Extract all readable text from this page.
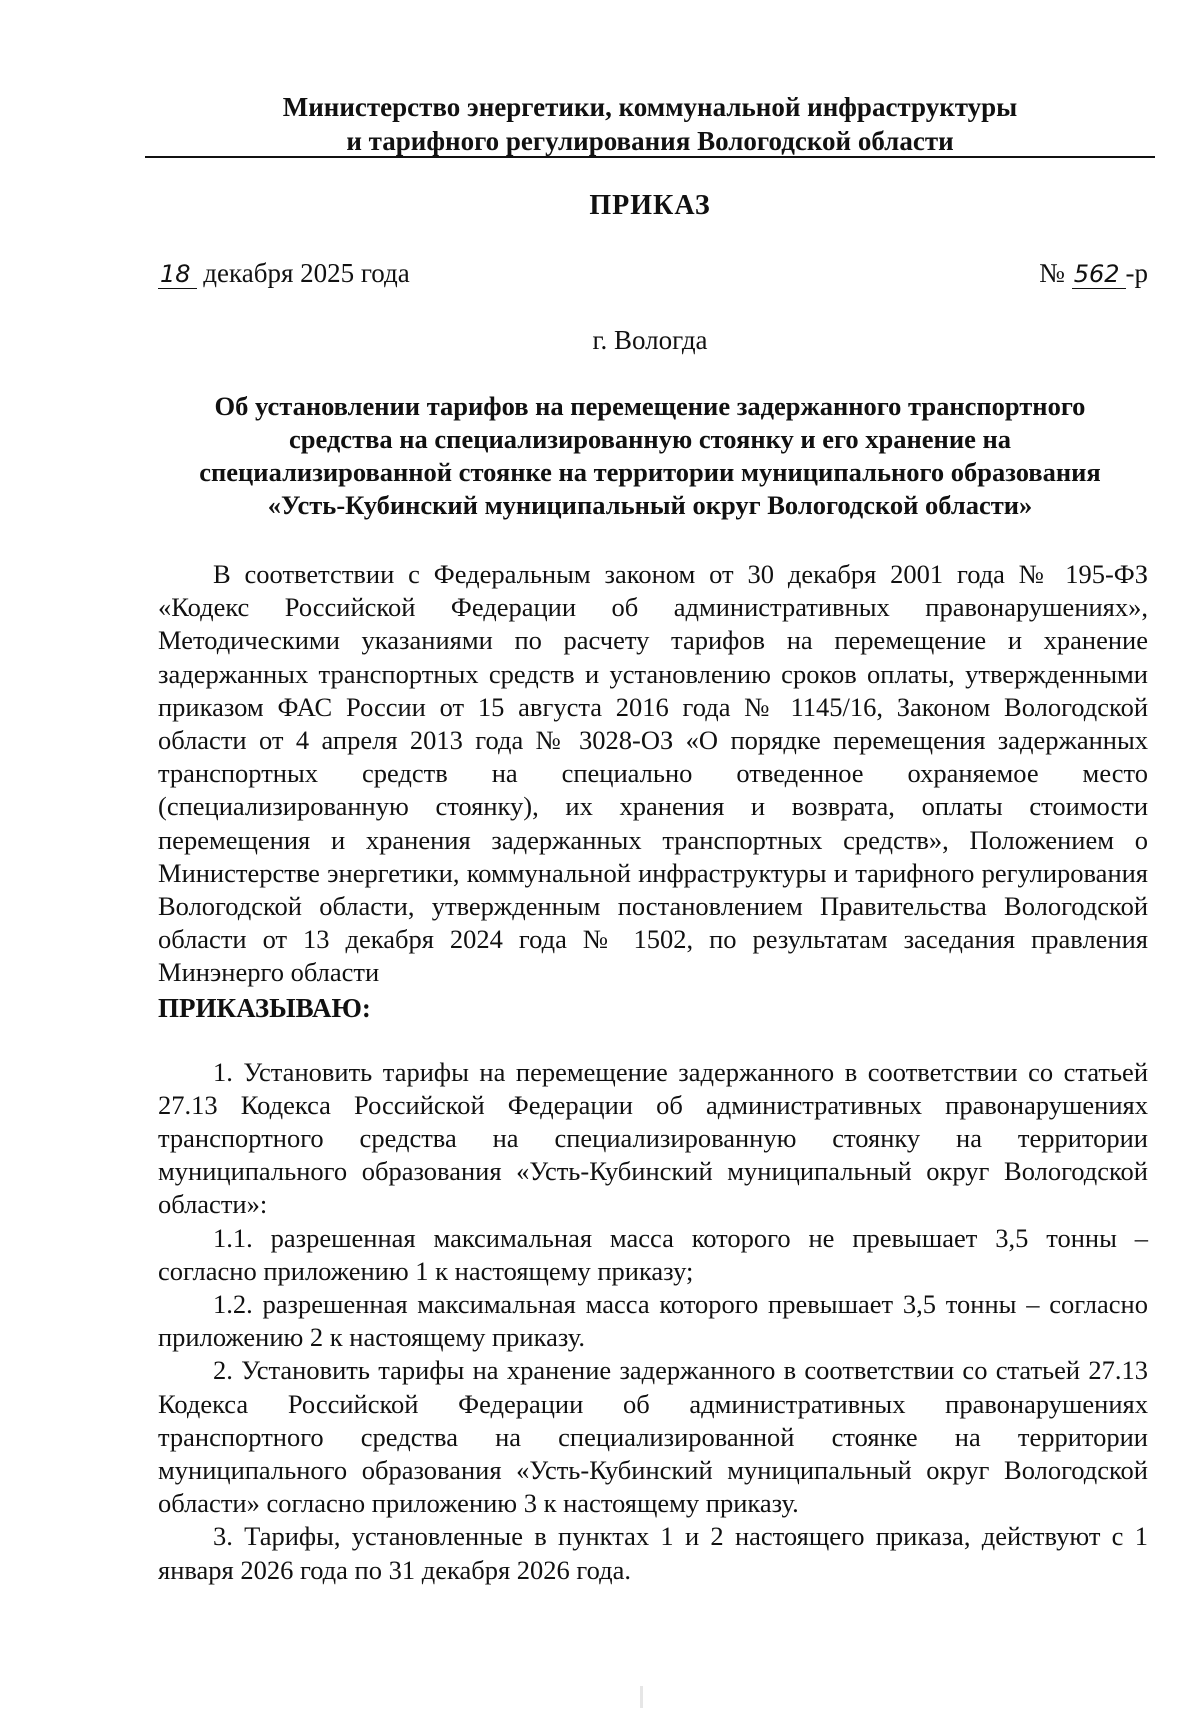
Министерство энергетики, коммунальной инфраструктуры
и тарифного регулирования Вологодской области
ПРИКАЗ
18 декабря 2025 года	№ 562 -р
г. Вологда
Об установлении тарифов на перемещение задержанного транспортного
средства на специализированную стоянку и его хранение на
специализированной стоянке на территории муниципального образования
«Усть-Кубинский муниципальный округ Вологодской области»

В соответствии с Федеральным законом от 30 декабря 2001 года № 195-ФЗ «Кодекс Российской Федерации об административных правонарушениях», Методическими указаниями по расчету тарифов на перемещение и хранение задержанных транспортных средств и установлению сроков оплаты, утвержденными приказом ФАС России от 15 августа 2016 года № 1145/16, Законом Вологодской области от 4 апреля 2013 года № 3028-ОЗ «О порядке перемещения задержанных транспортных средств на специально отведенное охраняемое место (специализированную стоянку), их хранения и возврата, оплаты стоимости перемещения и хранения задержанных транспортных средств», Положением о Министерстве энергетики, коммунальной инфраструктуры и тарифного регулирования Вологодской области, утвержденным постановлением Правительства Вологодской области от 13 декабря 2024 года № 1502, по результатам заседания правления Минэнерго области

ПРИКАЗЫВАЮ:

1. Установить тарифы на перемещение задержанного в соответствии со статьей 27.13 Кодекса Российской Федерации об административных правонарушениях транспортного средства на специализированную стоянку на территории муниципального образования «Усть-Кубинский муниципальный округ Вологодской области»:

1.1. разрешенная максимальная масса которого не превышает 3,5 тонны – согласно приложению 1 к настоящему приказу;

1.2. разрешенная максимальная масса которого превышает 3,5 тонны – согласно приложению 2 к настоящему приказу.

2. Установить тарифы на хранение задержанного в соответствии со статьей 27.13 Кодекса Российской Федерации об административных правонарушениях транспортного средства на специализированной стоянке на территории муниципального образования «Усть-Кубинский муниципальный округ Вологодской области» согласно приложению 3 к настоящему приказу.

3. Тарифы, установленные в пунктах 1 и 2 настоящего приказа, действуют с 1 января 2026 года по 31 декабря 2026 года.
